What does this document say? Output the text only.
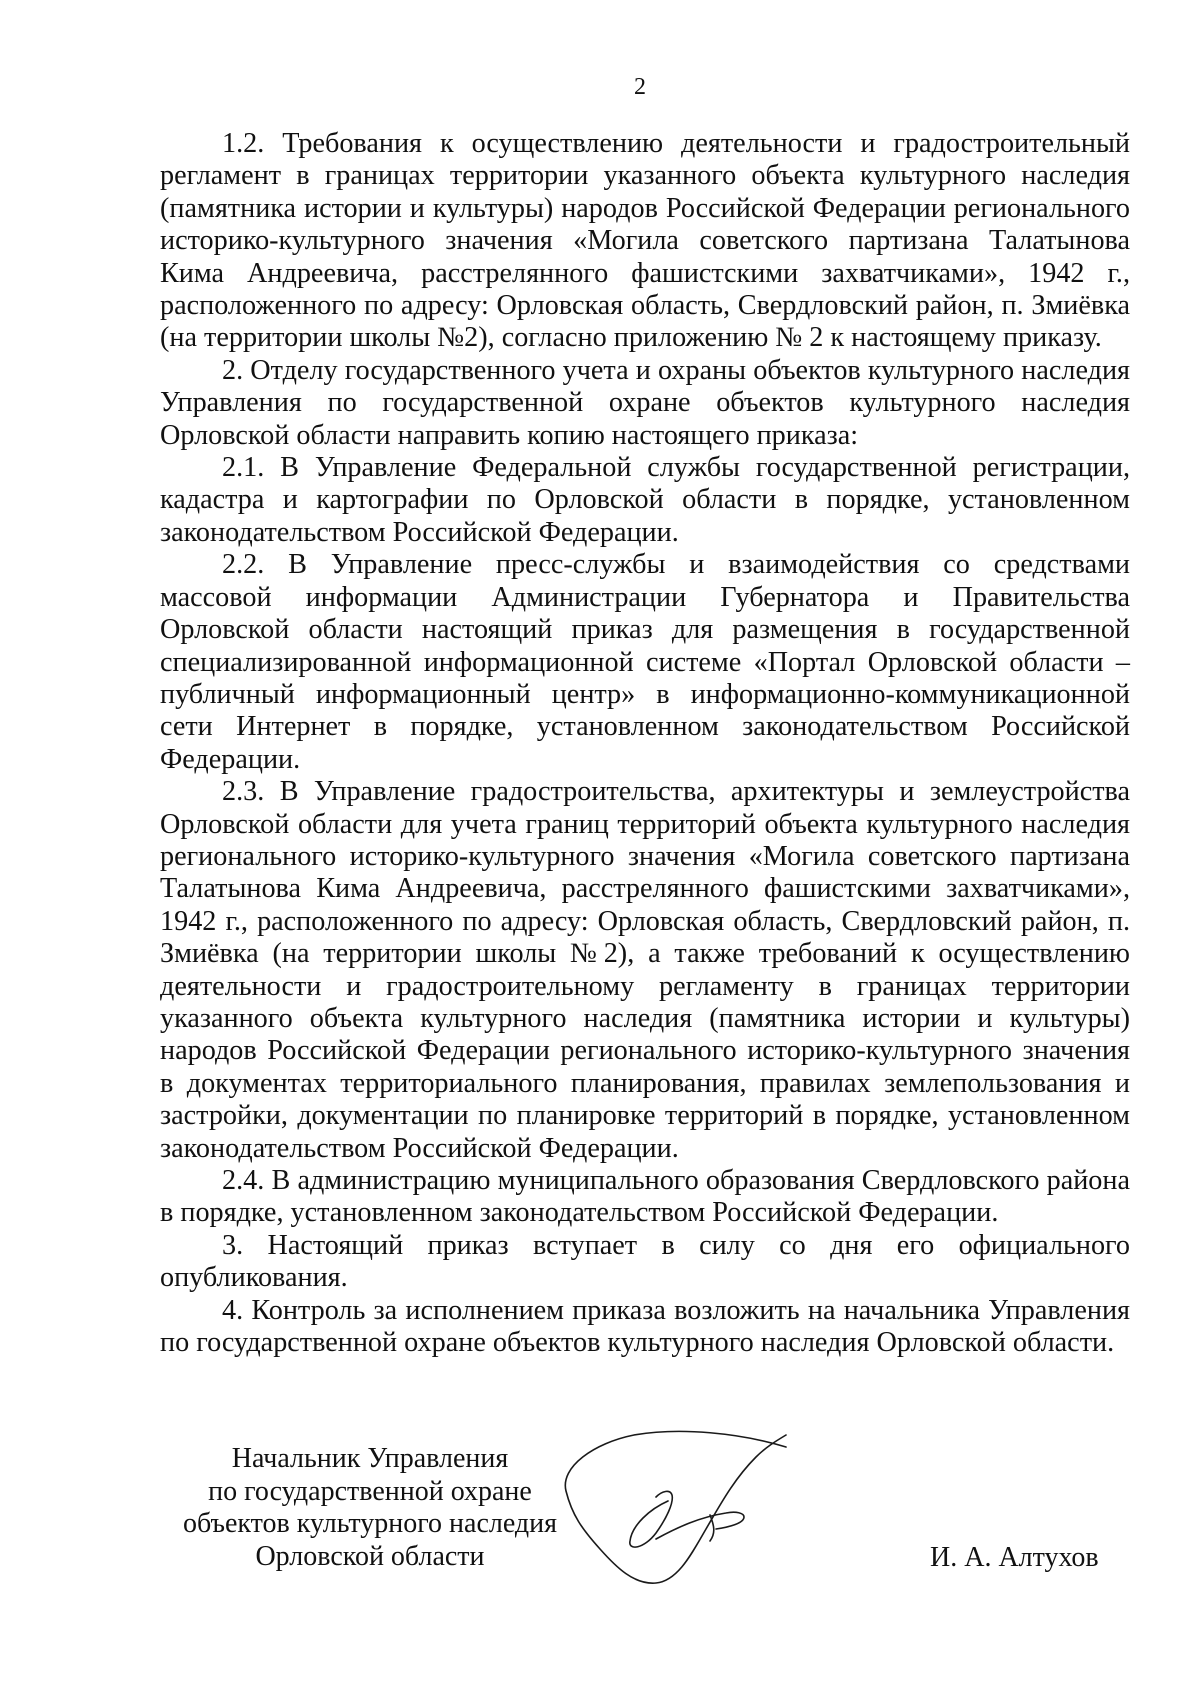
2

1.2. Требования к осуществлению деятельности и градостроительный регламент в границах территории указанного объекта культурного наследия (памятника истории и культуры) народов Российской Федерации регионального историко-культурного значения «Могила советского партизана Талатынова Кима Андреевича, расстрелянного фашистскими захватчиками», 1942 г., расположенного по адресу: Орловская область, Свердловский район, п. Змиёвка (на территории школы №2), согласно приложению № 2 к настоящему приказу.

2. Отделу государственного учета и охраны объектов культурного наследия Управления по государственной охране объектов культурного наследия Орловской области направить копию настоящего приказа:

2.1. В Управление Федеральной службы государственной регистрации, кадастра и картографии по Орловской области в порядке, установленном законодательством Российской Федерации.

2.2. В Управление пресс-службы и взаимодействия со средствами массовой информации Администрации Губернатора и Правительства Орловской области настоящий приказ для размещения в государственной специализированной информационной системе «Портал Орловской области – публичный информационный центр» в информационно-коммуникационной сети Интернет в порядке, установленном законодательством Российской Федерации.

2.3. В Управление градостроительства, архитектуры и землеустройства Орловской области для учета границ территорий объекта культурного наследия регионального историко-культурного значения «Могила советского партизана Талатынова Кима Андреевича, расстрелянного фашистскими захватчиками», 1942 г., расположенного по адресу: Орловская область, Свердловский район, п. Змиёвка (на территории школы №2), а также требований к осуществлению деятельности и градостроительному регламенту в границах территории указанного объекта культурного наследия (памятника истории и культуры) народов Российской Федерации регионального историко-культурного значения в документах территориального планирования, правилах землепользования и застройки, документации по планировке территорий в порядке, установленном законодательством Российской Федерации.

2.4. В администрацию муниципального образования Свердловского района в порядке, установленном законодательством Российской Федерации.

3. Настоящий приказ вступает в силу со дня его официального опубликования.

4. Контроль за исполнением приказа возложить на начальника Управления по государственной охране объектов культурного наследия Орловской области.

Начальник Управления
по государственной охране
объектов культурного наследия
Орловской области	И. А. Алтухов
